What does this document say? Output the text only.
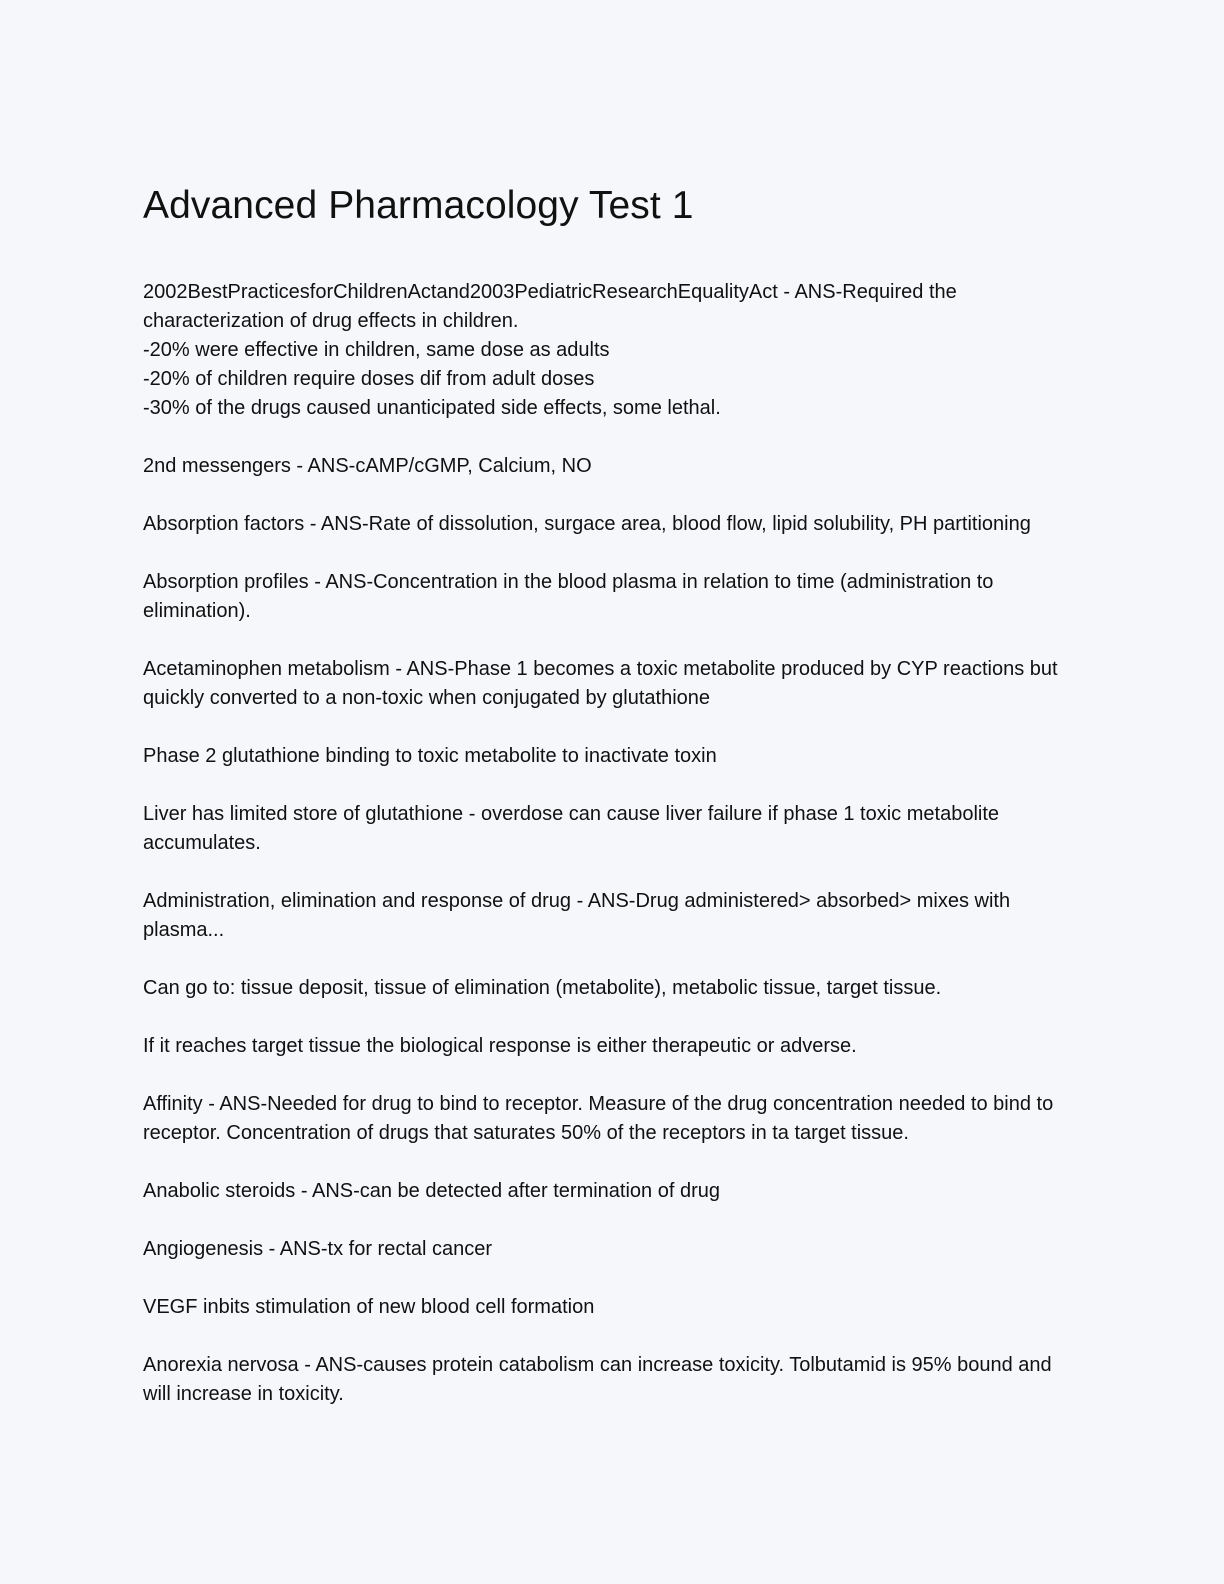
Advanced Pharmacology Test 1

2002BestPracticesforChildrenActand2003PediatricResearchEqualityAct - ANS-Required the characterization of drug effects in children.
-20% were effective in children, same dose as adults
-20% of children require doses dif from adult doses
-30% of the drugs caused unanticipated side effects, some lethal.

2nd messengers - ANS-cAMP/cGMP, Calcium, NO

Absorption factors - ANS-Rate of dissolution, surgace area, blood flow, lipid solubility, PH partitioning

Absorption profiles - ANS-Concentration in the blood plasma in relation to time (administration to elimination).

Acetaminophen metabolism - ANS-Phase 1 becomes a toxic metabolite produced by CYP reactions but quickly converted to a non-toxic when conjugated by glutathione

Phase 2 glutathione binding to toxic metabolite to inactivate toxin

Liver has limited store of glutathione - overdose can cause liver failure if phase 1 toxic metabolite accumulates.

Administration, elimination and response of drug - ANS-Drug administered> absorbed> mixes with plasma...

Can go to: tissue deposit, tissue of elimination (metabolite), metabolic tissue, target tissue.

If it reaches target tissue the biological response is either therapeutic or adverse.

Affinity - ANS-Needed for drug to bind to receptor. Measure of the drug concentration needed to bind to receptor. Concentration of drugs that saturates 50% of the receptors in ta target tissue.

Anabolic steroids - ANS-can be detected after termination of drug

Angiogenesis - ANS-tx for rectal cancer

VEGF inbits stimulation of new blood cell formation

Anorexia nervosa - ANS-causes protein catabolism can increase toxicity. Tolbutamid is 95% bound and will increase in toxicity.
